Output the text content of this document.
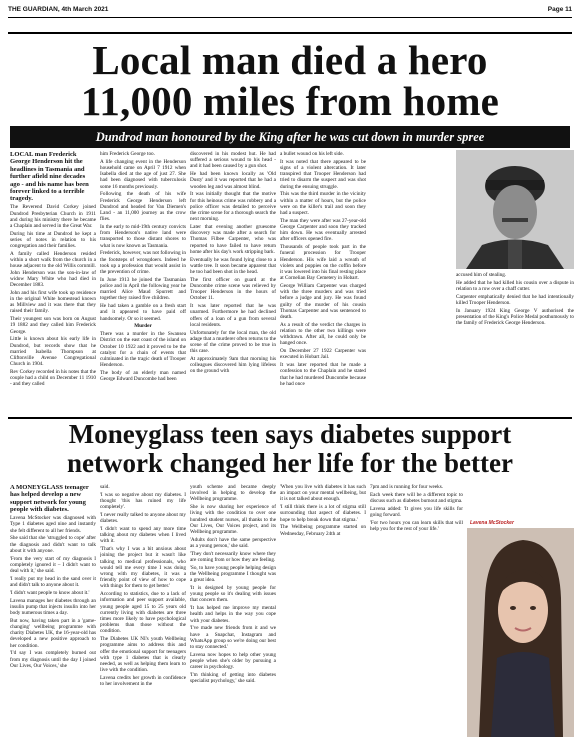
THE GUARDIAN, 4th March 2021	Page 11
Local man died a hero
11,000 miles from home
Dundrod man honoured by the King after he was cut down in murder spree

LOCAL man Frederick George Henderson hit the headlines in Tasmania and further afield nine decades ago - and his name has been forever linked to a terrible tragedy.

The Reverend David Corkey joined Dundrod Presbyterian Church in 1911 and during his ministry there he became a Chaplain and served in the Great War.

During his time at Dundrod he kept a series of notes in relation to his congregation and their families.

A family called Henderson resided within a short walk from the church in a house adjacent to the old Willis cornmill. John Henderson was the son-in-law of widow Mary White who had died in December 1883.

John and his first wife took up residence in the original White homestead known as Millview and it was there that they raised their family.

Their youngest son was born on August 19 1882 and they called him Frederick George.

Little is known about his early life in Dundrod, but records show that he married Isabella Thompson at Cliftonville Avenue Congregational Church in 1904.

Rev Corkey recorded in his notes that the couple had a child on December 11 1910 - and they called

him Frederick George too.

A life changing event in the Henderson household came on April 7 1912 when Isabella died at the age of just 27. She had been diagnosed with tuberculosis some 16 months previously.

Following the death of his wife Frederick George Henderson left Dundrod and headed for Van Diemen's Land - an 11,000 journey as the crow flies.

In the early to mid-19th century convicts from Henderson's native land were transported to those distant shores to what is now known as Tasmania.

Frederick, however, was not following in the footsteps of wrongdoers. Indeed he took up a profession that would assist in the prevention of crime.

In June 1913 he joined the Tasmanian police and in April the following year he married Alice Maud Spurrett and together they raised five children.

He had taken a gamble on a fresh start and it appeared to have paid off handsomely. Or so it seemed.

Murder

There was a murder in the Swansea District on the east coast of the island on October 10 1922 and it proved to be the catalyst for a chain of events that culminated in the tragic death of Trooper Henderson.

The body of an elderly man named George Edward Duncombe had been

discovered in his modest hut. He had suffered a serious wound to his head - and it had been caused by a gun shot.

He had been known locally as 'Old Dusty' and it was reported that he had a wooden leg and was almost blind.

It was initially thought that the motive for this heinous crime was robbery and a police officer was detailed to perceive the crime scene for a thorough search the next morning.

Later that evening another gruesome discovery was made after a search for Thomas Filbee Carpenter, who was reported to have failed to have return home after his day's work stripping bark.

Eventually he was found lying close to a wattle tree. It soon became apparent that he too had been shot in the head.

The first officer on guard at the Duncombe crime scene was relieved by Trooper Henderson in the hours of October 11.

It was later reported that he was unarmed. Furthermore he had declined offers of a loan of a gun from several local residents.

Unfortunately for the local man, the old adage that a murderer often returns to the scene of the crime proved to be true in this case.

At approximately 9am that morning his colleagues discovered him lying lifeless on the ground with

a bullet wound on his left side.

It was noted that there appeared to be signs of a violent altercation. It later transpired that Trooper Henderson had tried to disarm the suspect and was shot during the ensuing struggle.

This was the third murder in the vicinity within a matter of hours, but the police were on the killer's trail and soon they had a suspect.

The man they were after was 27-year-old George Carpenter and soon they tracked him down. He was eventually arrested after officers opened fire.

Thousands of people took part in the funeral procession for Trooper Henderson. His wife laid a wreath of violets and poppies on the coffin before it was lowered into his final resting place at Cornelian Bay Cemetery in Hobart.

George William Carpenter was charged with the three murders and was tried before a judge and jury. He was found guilty of the murder of his cousin Thomas Carpenter and was sentenced to death.

As a result of the verdict the charges in relation to the other two killings were withdrawn. After all, he could only be hanged once.

On December 27 1922 Carpenter was executed in Hobart Jail.

It was later reported that he made a confession to the Chaplain and he stated that he had murdered Duncombe because he had once

accused him of stealing.

He added that he had killed his cousin over a dispute in relation to a row over a chaff cutter.

Carpenter emphatically denied that he had intentionally killed Trooper Henderson.

In January 1924 King George V authorised the presentation of the King's Police Medal posthumously to the family of Frederick George Henderson.

Moneyglass teen says diabetes support
network changed her life for the better

A MONEYGLASS teenager has helped develop a new support network for young people with diabetes.

Lavena McStocker was diagnosed with Type 1 diabetes aged nine and instantly she felt different to all her friends.

She said that she 'struggled to cope' after the diagnosis and didn't want to talk about it with anyone.

'From the very start of my diagnosis I completely ignored it – I didn't want to deal with it,' she said.

'I really put my head in the sand over it and didn't talk to anyone about it.

'I didn't want people to know about it.'

Lavena manages her diabetes through an insulin pump that injects insulin into her body numerous times a day.

But now, having taken part in a 'game-changing' wellbeing programme with charity Diabetes UK, the 16-year-old has developed a new positive approach to her condition.

'I'd say I was completely burned out from my diagnosis until the day I joined Our Lives, Our Voices,' she

said.

'I was so negative about my diabetes. I thought 'this has ruined my life completely'.

'I never really talked to anyone about my diabetes.

'I didn't want to spend any more time talking about my diabetes when I lived with it.

'That's why I was a bit anxious about joining the project but it wasn't like talking to medical professionals, who would tell me every time I was doing wrong with my diabetes, it was a friendly point of view of how to cope with things for them to get better.'

According to statistics, due to a lack of information and peer support available, young people aged 15 to 25 years old currently living with diabetes are three times more likely to have psychological problems than those without the condition.

The Diabetes UK NI's youth Wellbeing programme aims to address this and offer the emotional support for teenagers with type 1 diabetes that is clearly needed, as well as helping them learn to live with the condition.

Lavena credits her growth in confidence to her involvement in the

youth scheme and became deeply involved in helping to develop the Wellbeing programme.

She is now sharing her experience of living with the condition to over one hundred student nurses, all thanks to the Our Lives, Our Voices project, and its Wellbeing programme.

'Adults don't have the same perspective as a young person,' she said.

'They don't necessarily know where they are coming from or how they are feeling.

'So, to have young people helping design the Wellbeing programme I thought was a great idea.

'It is designed by young people for young people so it's dealing with issues that concern them.

'It has helped me improve my mental health and helps in the way you cope with your diabetes.

'I've made new friends from it and we have a Snapchat, Instagram and WhatsApp group so we're doing our best to stay connected.'

Lavena now hopes to help other young people when she's older by pursuing a career in psychology.

'I'm thinking of getting into diabetes specialist psychology,' she said.

'When you live with diabetes it has such an impact on your mental wellbeing, but it is not talked about enough.

'I still think there is a lot of stigma still surrounding that aspect of diabetes. I hope to help break down that stigma.'

The Wellbeing programme started on Wednesday, February 24th at

7pm and is running for four weeks.

Each week there will be a different topic to discuss such as diabetes burnout and stigma.

Lavena added: 'It gives you life skills for going forward.

'For two hours you can learn skills that will help you for the rest of your life.'

Lavena McStocker
